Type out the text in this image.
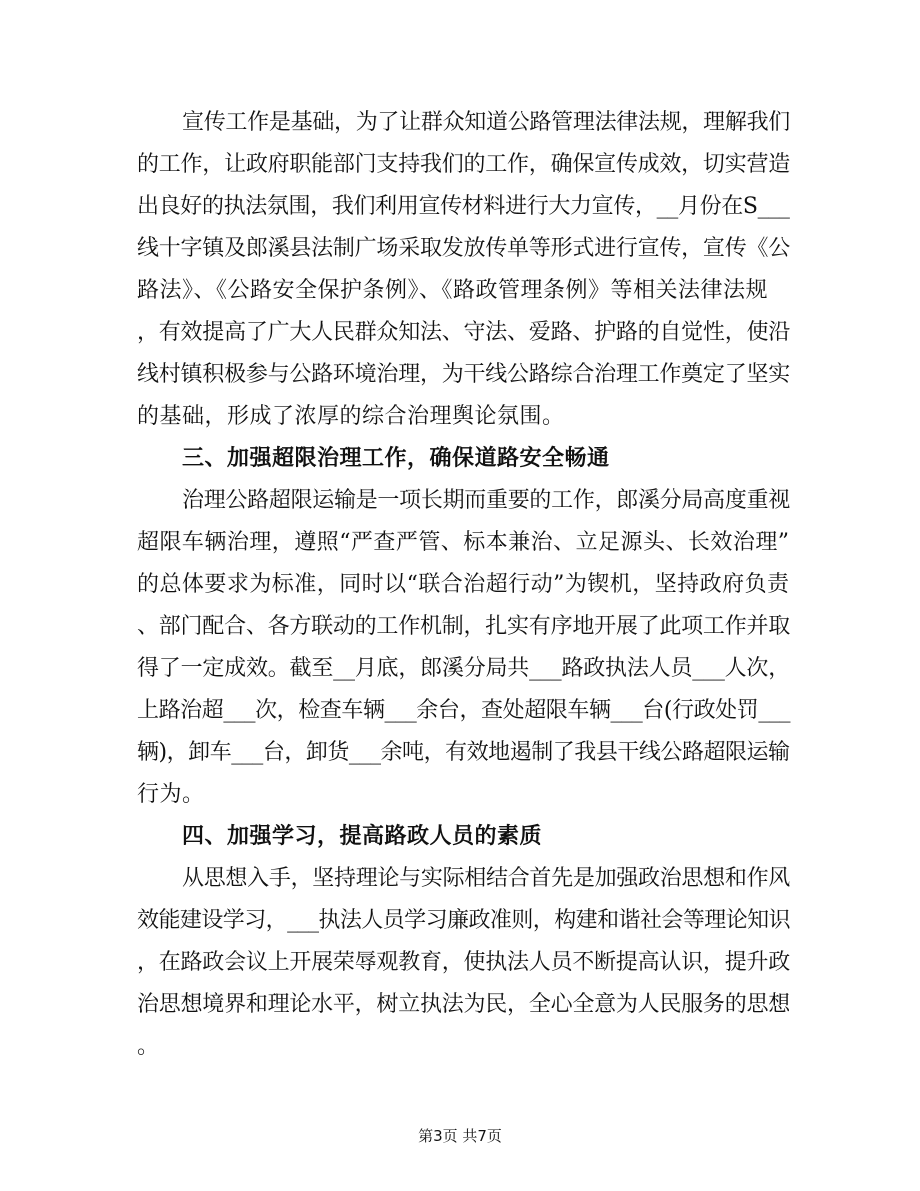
宣传工作是基础，为了让群众知道公路管理法律法规，理解我们
的工作，让政府职能部门支持我们的工作，确保宣传成效，切实营造
出良好的执法氛围，我们利用宣传材料进行大力宣传，__月份在S___
线十字镇及郎溪县法制广场采取发放传单等形式进行宣传，宣传《公
路法》、《公路安全保护条例》、《路政管理条例》等相关法律法规
，有效提高了广大人民群众知法、守法、爱路、护路的自觉性，使沿
线村镇积极参与公路环境治理，为干线公路综合治理工作奠定了坚实
的基础，形成了浓厚的综合治理舆论氛围。
三、加强超限治理工作，确保道路安全畅通
治理公路超限运输是一项长期而重要的工作，郎溪分局高度重视
超限车辆治理，遵照“严查严管、标本兼治、立足源头、长效治理”
的总体要求为标准，同时以“联合治超行动”为锲机，坚持政府负责
、部门配合、各方联动的工作机制，扎实有序地开展了此项工作并取
得了一定成效。截至__月底，郎溪分局共___路政执法人员___人次，
上路治超___次，检查车辆___余台，查处超限车辆___台(行政处罚___
辆)，卸车___台，卸货___余吨，有效地遏制了我县干线公路超限运输
行为。
四、加强学习，提高路政人员的素质
从思想入手，坚持理论与实际相结合首先是加强政治思想和作风
效能建设学习，___执法人员学习廉政准则，构建和谐社会等理论知识
，在路政会议上开展荣辱观教育，使执法人员不断提高认识，提升政
治思想境界和理论水平，树立执法为民，全心全意为人民服务的思想
。
第3页 共7页
